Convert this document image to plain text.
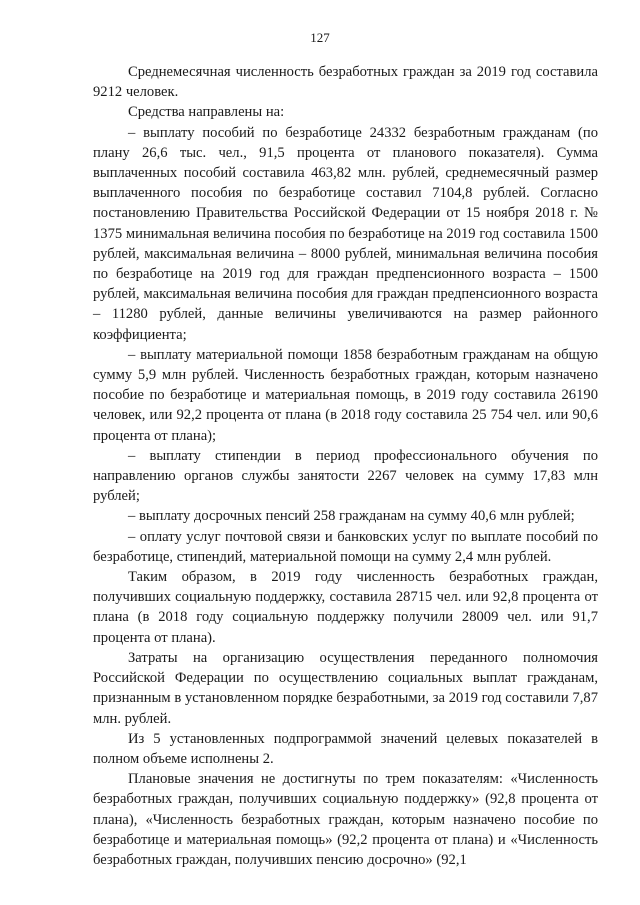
127

Среднемесячная численность безработных граждан за 2019 год составила 9212 человек.

Средства направлены на:

– выплату пособий по безработице 24332 безработным гражданам (по плану 26,6 тыс. чел., 91,5 процента от планового показателя). Сумма выплаченных пособий составила 463,82 млн. рублей, среднемесячный размер выплаченного пособия по безработице составил 7104,8 рублей. Согласно постановлению Правительства Российской Федерации от 15 ноября 2018 г. № 1375 минимальная величина пособия по безработице на 2019 год составила 1500 рублей, максимальная величина – 8000 рублей, минимальная величина пособия по безработице на 2019 год для граждан предпенсионного возраста – 1500 рублей, максимальная величина пособия для граждан предпенсионного возраста – 11280 рублей, данные величины увеличиваются на размер районного коэффициента;

– выплату материальной помощи 1858 безработным гражданам на общую сумму 5,9 млн рублей. Численность безработных граждан, которым назначено пособие по безработице и материальная помощь, в 2019 году составила 26190 человек, или 92,2 процента от плана (в 2018 году составила 25 754 чел. или 90,6 процента от плана);

– выплату стипендии в период профессионального обучения по направлению органов службы занятости 2267 человек на сумму 17,83 млн рублей;

– выплату досрочных пенсий 258 гражданам на сумму 40,6 млн рублей;

– оплату услуг почтовой связи и банковских услуг по выплате пособий по безработице, стипендий, материальной помощи на сумму 2,4 млн рублей.

Таким образом, в 2019 году численность безработных граждан, получивших социальную поддержку, составила 28715 чел. или 92,8 процента от плана (в 2018 году социальную поддержку получили 28009 чел. или 91,7 процента от плана).

Затраты на организацию осуществления переданного полномочия Российской Федерации по осуществлению социальных выплат гражданам, признанным в установленном порядке безработными, за 2019 год составили 7,87 млн. рублей.

Из 5 установленных подпрограммой значений целевых показателей в полном объеме исполнены 2.

Плановые значения не достигнуты по трем показателям: «Численность безработных граждан, получивших социальную поддержку» (92,8 процента от плана), «Численность безработных граждан, которым назначено пособие по безработице и материальная помощь» (92,2 процента от плана) и «Численность безработных граждан, получивших пенсию досрочно» (92,1
